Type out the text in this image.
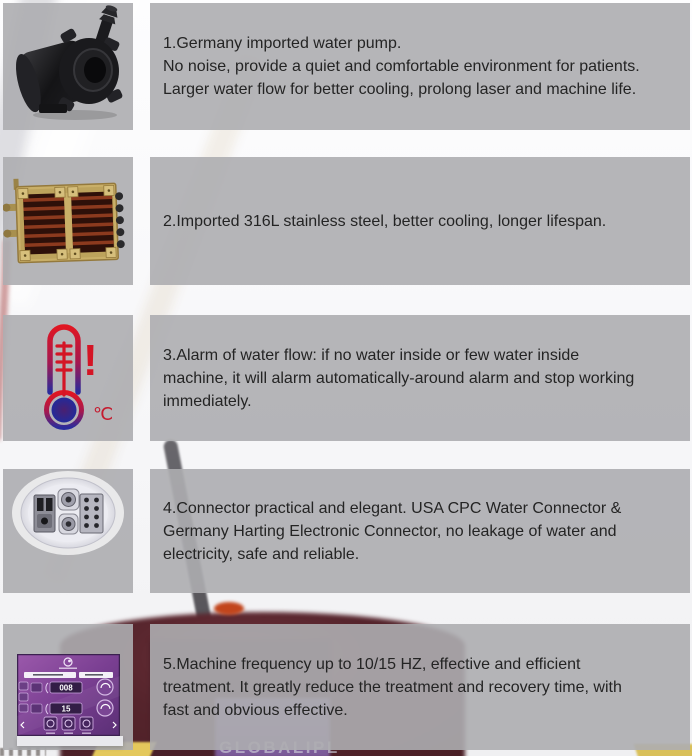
1.Germany imported water pump.
No noise, provide a quiet and comfortable environment for patients.
Larger water flow for better cooling, prolong laser and machine life.
2.Imported 316L stainless steel, better cooling, longer lifespan.
!
℃
3.Alarm of water flow: if no water inside or few water inside
machine, it will alarm automatically-around alarm and stop working
immediately.
4.Connector practical and elegant. USA CPC Water Connector &
Germany Harting Electronic Connector, no leakage of water and
electricity, safe and reliable.
008
15
5.Machine frequency up to 10/15 HZ, effective and efficient
treatment. It greatly reduce the treatment and recovery time, with
fast and obvious effective.
